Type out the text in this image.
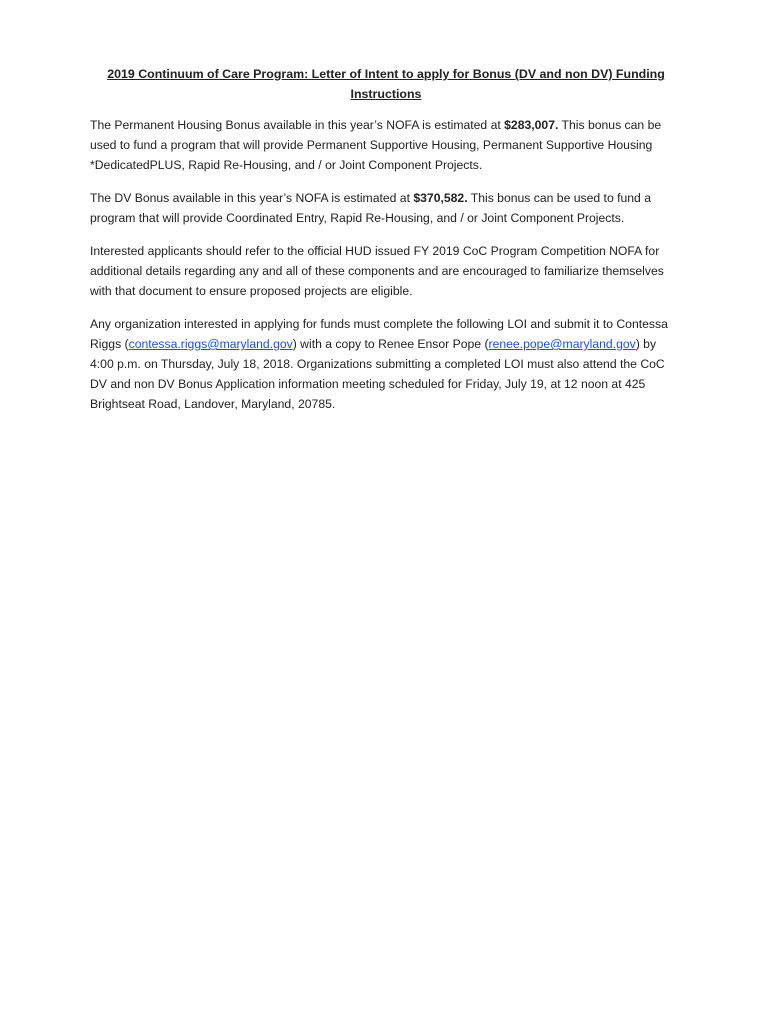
2019 Continuum of Care Program: Letter of Intent to apply for Bonus (DV and non DV) Funding
Instructions

The Permanent Housing Bonus available in this year’s NOFA is estimated at $283,007. This bonus can be used to fund a program that will provide Permanent Supportive Housing, Permanent Supportive Housing *DedicatedPLUS, Rapid Re-Housing, and / or Joint Component Projects.

The DV Bonus available in this year’s NOFA is estimated at $370,582. This bonus can be used to fund a program that will provide Coordinated Entry, Rapid Re-Housing, and / or Joint Component Projects.

Interested applicants should refer to the official HUD issued FY 2019 CoC Program Competition NOFA for additional details regarding any and all of these components and are encouraged to familiarize themselves with that document to ensure proposed projects are eligible.

Any organization interested in applying for funds must complete the following LOI and submit it to Contessa Riggs (contessa.riggs@maryland.gov) with a copy to Renee Ensor Pope (renee.pope@maryland.gov) by 4:00 p.m. on Thursday, July 18, 2018. Organizations submitting a completed LOI must also attend the CoC DV and non DV Bonus Application information meeting scheduled for Friday, July 19, at 12 noon at 425 Brightseat Road, Landover, Maryland, 20785.
